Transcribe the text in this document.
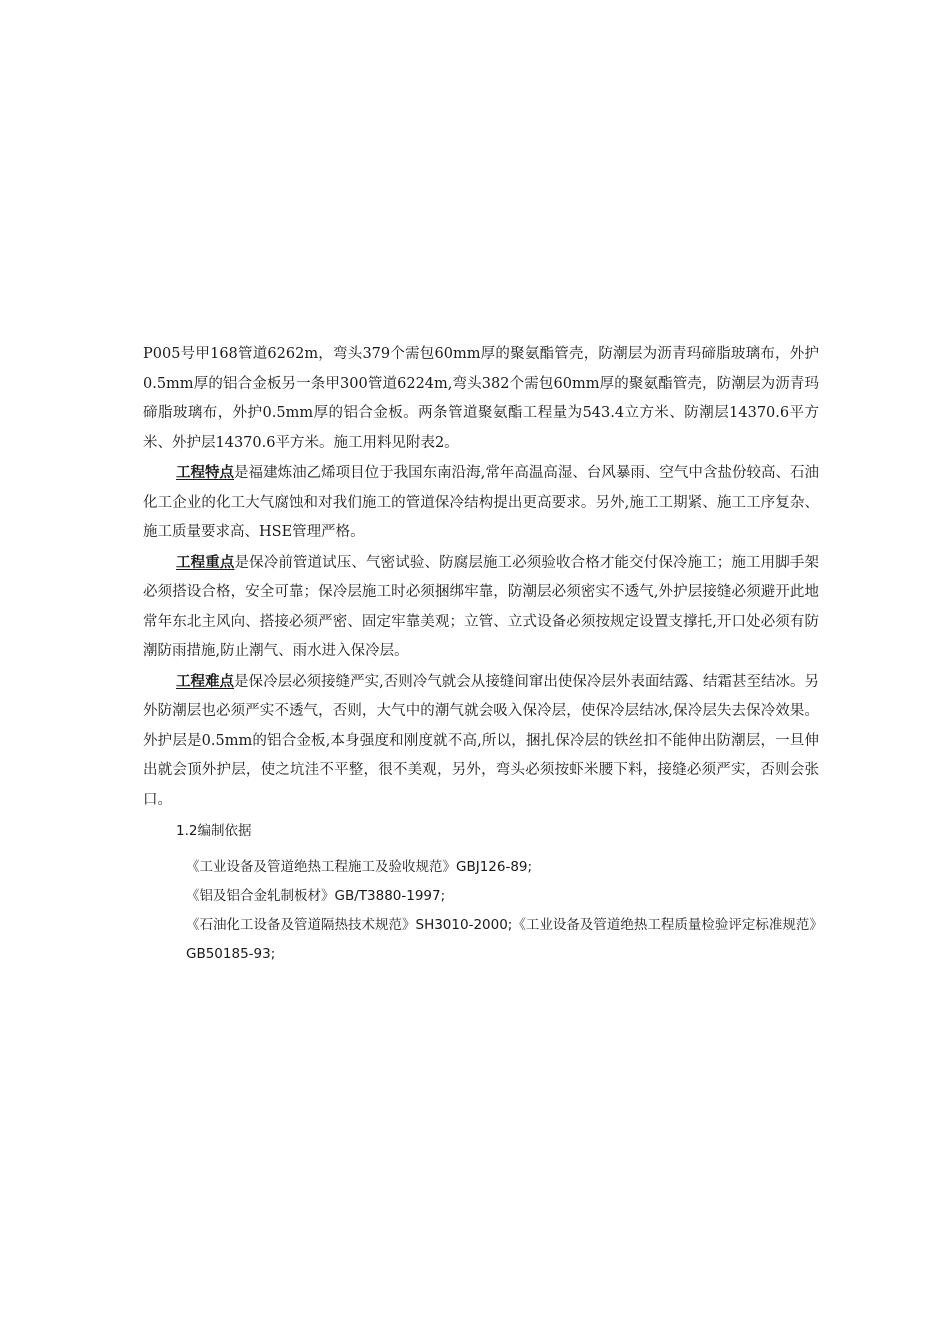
P005号甲168管道6262m，弯头379个需包60mm厚的聚氨酯管壳，防潮层为沥青玛碲脂玻璃布，外护0.5mm厚的铝合金板另一条甲300管道6224m,弯头382个需包60mm厚的聚氨酯管壳，防潮层为沥青玛碲脂玻璃布，外护0.5mm厚的铝合金板。两条管道聚氨酯工程量为543.4立方米、防潮层14370.6平方米、外护层14370.6平方米。施工用料见附表2。

工程特点是福建炼油乙烯项目位于我国东南沿海,常年高温高湿、台风暴雨、空气中含盐份较高、石油化工企业的化工大气腐蚀和对我们施工的管道保冷结构提出更高要求。另外,施工工期紧、施工工序复杂、施工质量要求高、HSE管理严格。

工程重点是保冷前管道试压、气密试验、防腐层施工必须验收合格才能交付保冷施工；施工用脚手架必须搭设合格，安全可靠；保冷层施工时必须捆绑牢靠，防潮层必须密实不透气,外护层接缝必须避开此地常年东北主风向、搭接必须严密、固定牢靠美观；立管、立式设备必须按规定设置支撑托,开口处必须有防潮防雨措施,防止潮气、雨水进入保冷层。

工程难点是保冷层必须接缝严实,否则冷气就会从接缝间窜出使保冷层外表面结露、结霜甚至结冰。另外防潮层也必须严实不透气，否则，大气中的潮气就会吸入保冷层，使保冷层结冰,保冷层失去保冷效果。外护层是0.5mm的铝合金板,本身强度和刚度就不高,所以，捆扎保冷层的铁丝扣不能伸出防潮层，一旦伸出就会顶外护层，使之坑洼不平整，很不美观，另外，弯头必须按虾米腰下料，接缝必须严实，否则会张口。

1.2编制依据

《工业设备及管道绝热工程施工及验收规范》GBJ126-89;

《铝及铝合金轧制板材》GB/T3880-1997;

《石油化工设备及管道隔热技术规范》SH3010-2000;《工业设备及管道绝热工程质量检验评定标准规范》GB50185-93;
